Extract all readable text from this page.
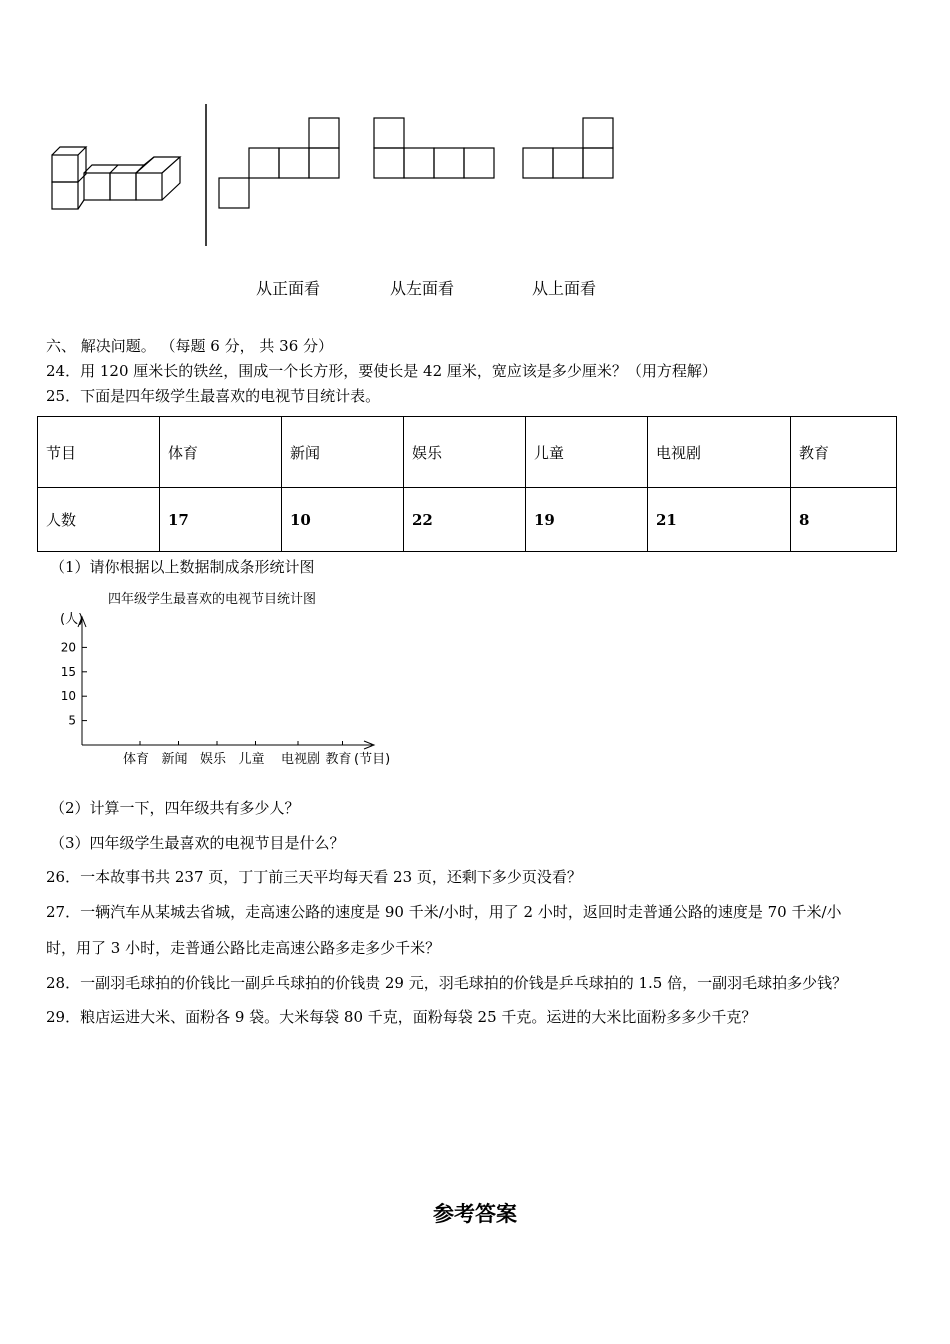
从正面看	从左面看	从上面看
六、 解决问题。 （每题 6 分， 共 36 分）
24．用 120 厘米长的铁丝，围成一个长方形，要使长是 42 厘米，宽应该是多少厘米？（用方程解）
25．下面是四年级学生最喜欢的电视节目统计表。
节目	体育	新闻	娱乐	儿童	电视剧	教育
人数	17	10	22	19	21	8
（1）请你根据以上数据制成条形统计图
四年级学生最喜欢的电视节目统计图
(人)
5
10
15
20
体育 新闻 娱乐 儿童 电视剧 教育 (节目)
（2）计算一下，四年级共有多少人？
（3）四年级学生最喜欢的电视节目是什么？
26．一本故事书共 237 页，丁丁前三天平均每天看 23 页，还剩下多少页没看？
27．一辆汽车从某城去省城，走高速公路的速度是 90 千米/小时，用了 2 小时，返回时走普通公路的速度是 70 千米/小
时，用了 3 小时，走普通公路比走高速公路多走多少千米？
28．一副羽毛球拍的价钱比一副乒乓球拍的价钱贵 29 元，羽毛球拍的价钱是乒乓球拍的 1.5 倍，一副羽毛球拍多少钱？
29．粮店运进大米、面粉各 9 袋。大米每袋 80 千克，面粉每袋 25 千克。运进的大米比面粉多多少千克？
参考答案
